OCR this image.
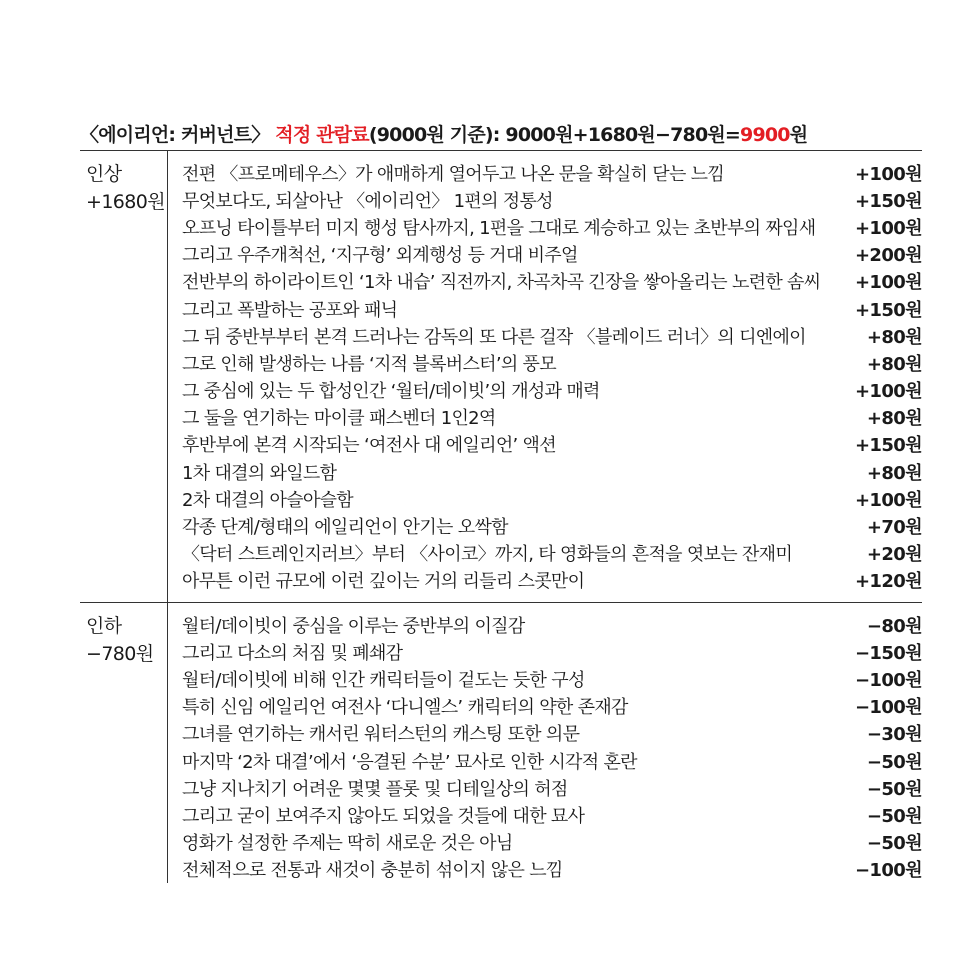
〈에이리언: 커버넌트〉 적정 관람료(9000원 기준): 9000원+1680원−780원=9900원
인상
+1680원
전편 〈프로메테우스〉가 애매하게 열어두고 나온 문을 확실히 닫는 느낌	+100원
무엇보다도, 되살아난 〈에이리언〉 1편의 정통성	+150원
오프닝 타이틀부터 미지 행성 탐사까지, 1편을 그대로 계승하고 있는 초반부의 짜임새	+100원
그리고 우주개척선, ‘지구형’ 외계행성 등 거대 비주얼	+200원
전반부의 하이라이트인 ‘1차 내습’ 직전까지, 차곡차곡 긴장을 쌓아올리는 노련한 솜씨	+100원
그리고 폭발하는 공포와 패닉	+150원
그 뒤 중반부부터 본격 드러나는 감독의 또 다른 걸작 〈블레이드 러너〉의 디엔에이	+80원
그로 인해 발생하는 나름 ‘지적 블록버스터’의 풍모	+80원
그 중심에 있는 두 합성인간 ‘월터/데이빗’의 개성과 매력	+100원
그 둘을 연기하는 마이클 패스벤더 1인2역	+80원
후반부에 본격 시작되는 ‘여전사 대 에일리언’ 액션	+150원
1차 대결의 와일드함	+80원
2차 대결의 아슬아슬함	+100원
각종 단계/형태의 에일리언이 안기는 오싹함	+70원
〈닥터 스트레인지러브〉부터 〈사이코〉까지, 타 영화들의 흔적을 엿보는 잔재미	+20원
아무튼 이런 규모에 이런 깊이는 거의 리들리 스콧만이	+120원
인하
−780원
월터/데이빗이 중심을 이루는 중반부의 이질감	−80원
그리고 다소의 처짐 및 폐쇄감	−150원
월터/데이빗에 비해 인간 캐릭터들이 겉도는 듯한 구성	−100원
특히 신임 에일리언 여전사 ‘다니엘스’ 캐릭터의 약한 존재감	−100원
그녀를 연기하는 캐서린 워터스턴의 캐스팅 또한 의문	−30원
마지막 ‘2차 대결’에서 ‘응결된 수분’ 묘사로 인한 시각적 혼란	−50원
그냥 지나치기 어려운 몇몇 플롯 및 디테일상의 허점	−50원
그리고 굳이 보여주지 않아도 되었을 것들에 대한 묘사	−50원
영화가 설정한 주제는 딱히 새로운 것은 아님	−50원
전체적으로 전통과 새것이 충분히 섞이지 않은 느낌	−100원
